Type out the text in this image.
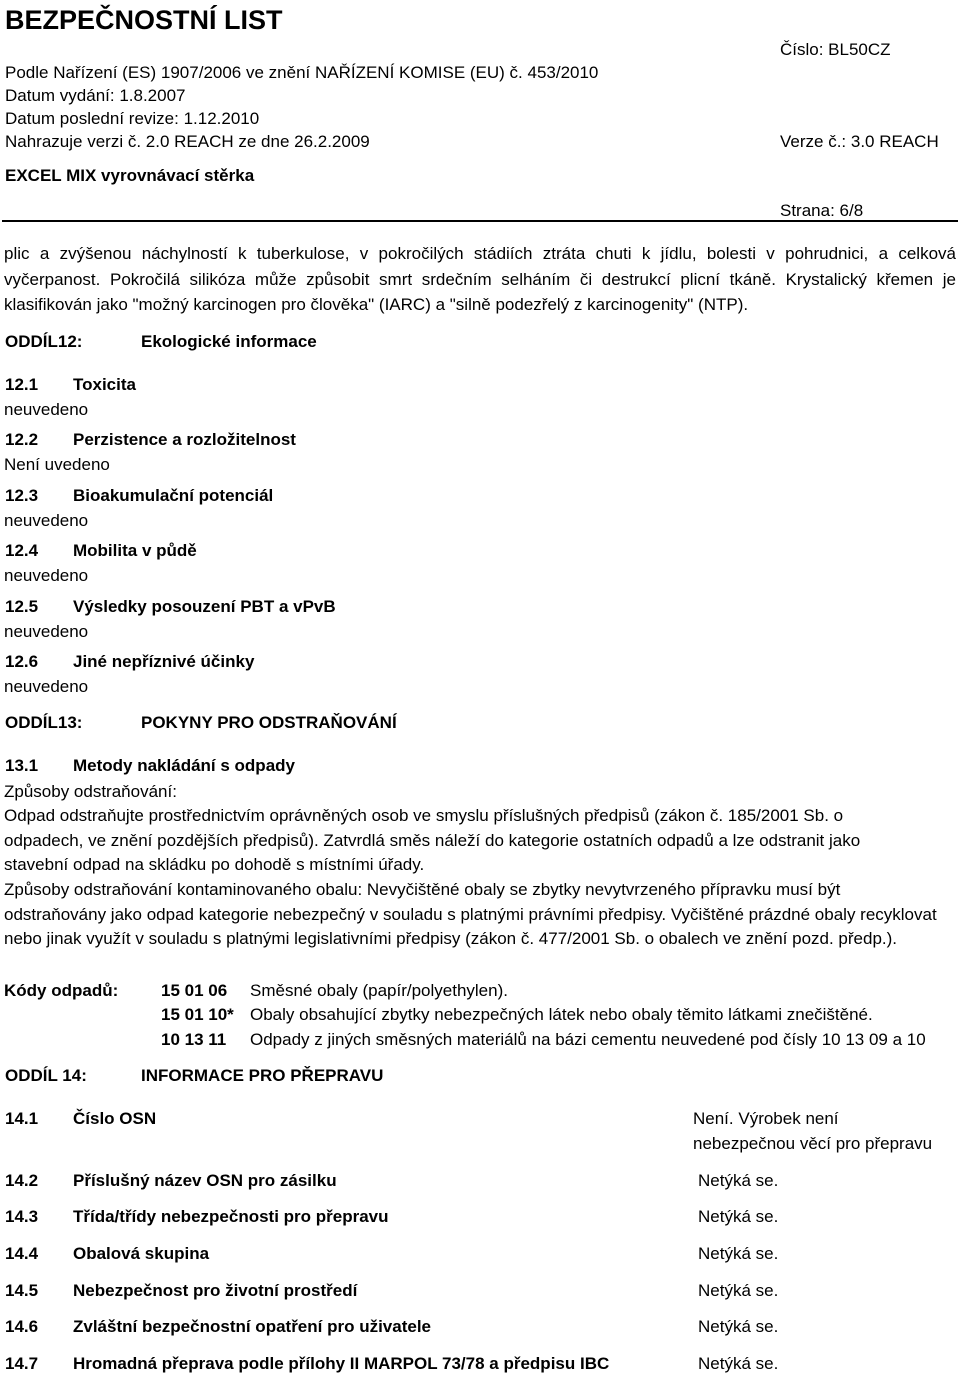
BEZPEČNOSTNÍ LIST
Podle Nařízení (ES) 1907/2006 ve znění NAŘÍZENÍ KOMISE (EU) č. 453/2010
Datum vydání: 1.8.2007
Datum poslední revize: 1.12.2010
Nahrazuje verzi č. 2.0 REACH ze dne 26.2.2009
EXCEL MIX vyrovnávací stěrka
Číslo: BL50CZ
Verze č.: 3.0 REACH
Strana: 6/8
plic a zvýšenou náchylností k tuberkulose, v pokročilých stádiích ztráta chuti k jídlu, bolesti v pohrudnici, a celková vyčerpanost. Pokročilá silikóza může způsobit smrt srdečním selháním či destrukcí plicní tkáně. Krystalický křemen je klasifikován jako "možný karcinogen pro člověka" (IARC) a "silně podezřelý z karcinogenity" (NTP).
ODDÍL12:	Ekologické informace
12.1 Toxicita
neuvedeno
12.2 Perzistence a rozložitelnost
Není uvedeno
12.3 Bioakumulační potenciál
neuvedeno
12.4 Mobilita v půdě
neuvedeno
12.5 Výsledky posouzení PBT a vPvB
neuvedeno
12.6 Jiné nepříznivé účinky
neuvedeno
ODDÍL13:	POKYNY PRO ODSTRAŇOVÁNÍ
13.1 Metody nakládání s odpady
Způsoby odstraňování:
Odpad odstraňujte prostřednictvím oprávněných osob ve smyslu příslušných předpisů (zákon č. 185/2001 Sb. o odpadech, ve znění pozdějších předpisů). Zatvrdlá směs náleží do kategorie ostatních odpadů a lze odstranit jako stavební odpad na skládku po dohodě s místními úřady.
Způsoby odstraňování kontaminovaného obalu: Nevyčištěné obaly se zbytky nevytvrzeného přípravku musí být odstraňovány jako odpad kategorie nebezpečný v souladu s platnými právními předpisy. Vyčištěné prázdné obaly recyklovat nebo jinak využít v souladu s platnými legislativními předpisy (zákon č. 477/2001 Sb. o obalech ve znění pozd. předp.).
Kódy odpadů:	15 01 06 Směsné obaly (papír/polyethylen).
15 01 10* Obaly obsahující zbytky nebezpečných látek nebo obaly těmito látkami znečištěné.
10 13 11 Odpady z jiných směsných materiálů na bázi cementu neuvedené pod čísly 10 13 09 a 10
ODDÍL 14:	INFORMACE PRO PŘEPRAVU
14.1 Číslo OSN	Není. Výrobek není
nebezpečnou věcí pro přepravu
14.2 Příslušný název OSN pro zásilku	Netýká se.
14.3 Třída/třídy nebezpečnosti pro přepravu	Netýká se.
14.4 Obalová skupina	Netýká se.
14.5 Nebezpečnost pro životní prostředí	Netýká se.
14.6 Zvláštní bezpečnostní opatření pro uživatele	Netýká se.
14.7 Hromadná přeprava podle přílohy II MARPOL 73/78 a předpisu IBC	Netýká se.
